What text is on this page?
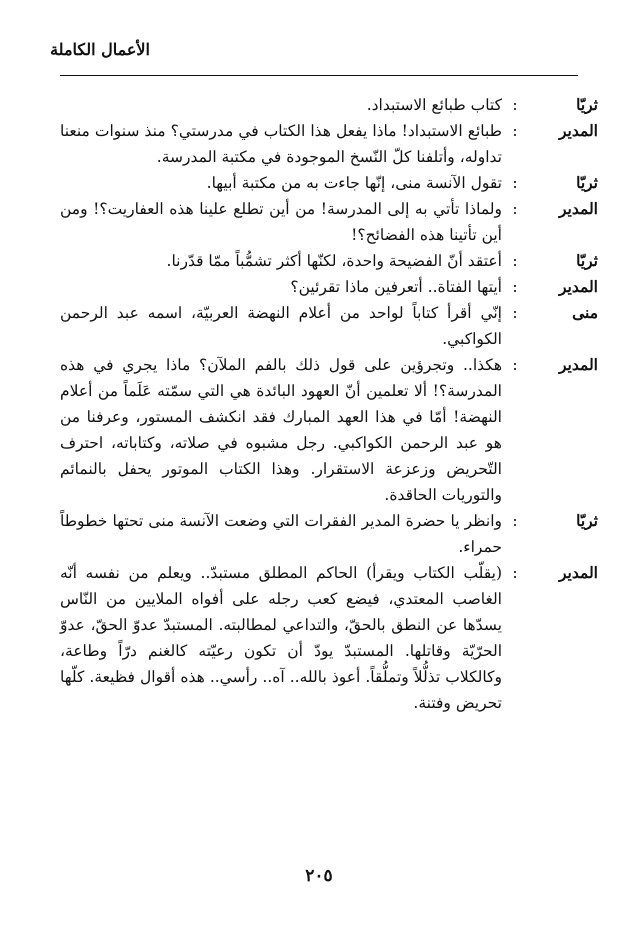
الأعمال الكاملة
ثريّا
:
كتاب طبائع الاستبداد.
المدير
:
طبائع الاستبداد! ماذا يفعل هذا الكتاب في مدرستي؟ منذ سنوات منعنا تداوله، وأتلفنا كلّ النّسخ الموجودة في مكتبة المدرسة.
ثريّا
:
تقول الآنسة منى، إنّها جاءت به من مكتبة أبيها.
المدير
:
ولماذا تأتي به إلى المدرسة! من أين تطلع علينا هذه العفاريت؟! ومن أين تأتينا هذه الفضائح؟!
ثريّا
:
أعتقد أنّ الفضيحة واحدة، لكنّها أكثر تشمُّباً ممّا قدّرنا.
المدير
:
أيتها الفتاة.. أتعرفين ماذا تقرئين؟
منى
:
إنّي أقرأ كتاباً لواحد من أعلام النهضة العربيّة، اسمه عبد الرحمن الكواكبي.
المدير
:
هكذا.. وتجرؤين على قول ذلك بالفم الملآن؟ ماذا يجري في هذه المدرسة؟! ألا تعلمين أنّ العهود البائدة هي التي سمّته عَلَماً من أعلام النهضة! أمّا في هذا العهد المبارك فقد انكشف المستور، وعرفنا من هو عبد الرحمن الكواكبي. رجل مشبوه في صلاته، وكتاباته، احترف التّحريض وزعزعة الاستقرار. وهذا الكتاب الموتور يحفل بالنمائم والتوريات الحاقدة.
ثريّا
:
وانظر يا حضرة المدير الفقرات التي وضعت الآنسة منى تحتها خطوطاً حمراء.
المدير
:
(يقلّب الكتاب ويقرأ) الحاكم المطلق مستبدّ.. ويعلم من نفسه أنّه الغاصب المعتدي، فيضع كعب رجله على أفواه الملايين من النّاس يسدّها عن النطق بالحقّ، والتداعي لمطالبته. المستبدّ عدوّ الحقّ، عدوّ الحرّيّة وقاتلها. المستبدّ يودّ أن تكون رعيّته كالغنم درّاً وطاعة، وكالكلاب تذلُّلاً وتملُّقاً. أعوذ بالله.. آه.. رأسي.. هذه أقوال فظيعة. كلّها تحريض وفتنة.
٢٠٥
